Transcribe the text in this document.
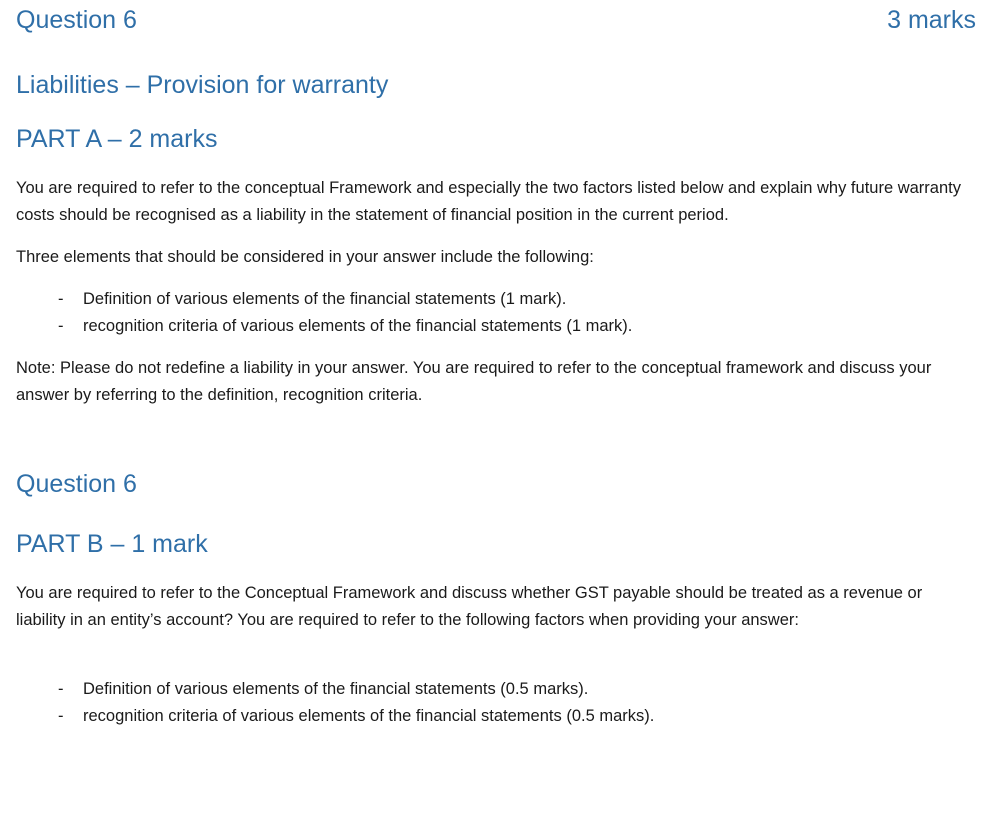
Question 6	3 marks
Liabilities – Provision for warranty
PART A – 2 marks

You are required to refer to the conceptual Framework and especially the two factors listed below and explain why future warranty costs should be recognised as a liability in the statement of financial position in the current period.

Three elements that should be considered in your answer include the following:

- Definition of various elements of the financial statements (1 mark).
- recognition criteria of various elements of the financial statements (1 mark).

Note: Please do not redefine a liability in your answer. You are required to refer to the conceptual framework and discuss your answer by referring to the definition, recognition criteria.

Question 6
PART B – 1 mark

You are required to refer to the Conceptual Framework and discuss whether GST payable should be treated as a revenue or liability in an entity’s account? You are required to refer to the following factors when providing your answer:

- Definition of various elements of the financial statements (0.5 marks).
- recognition criteria of various elements of the financial statements (0.5 marks).
